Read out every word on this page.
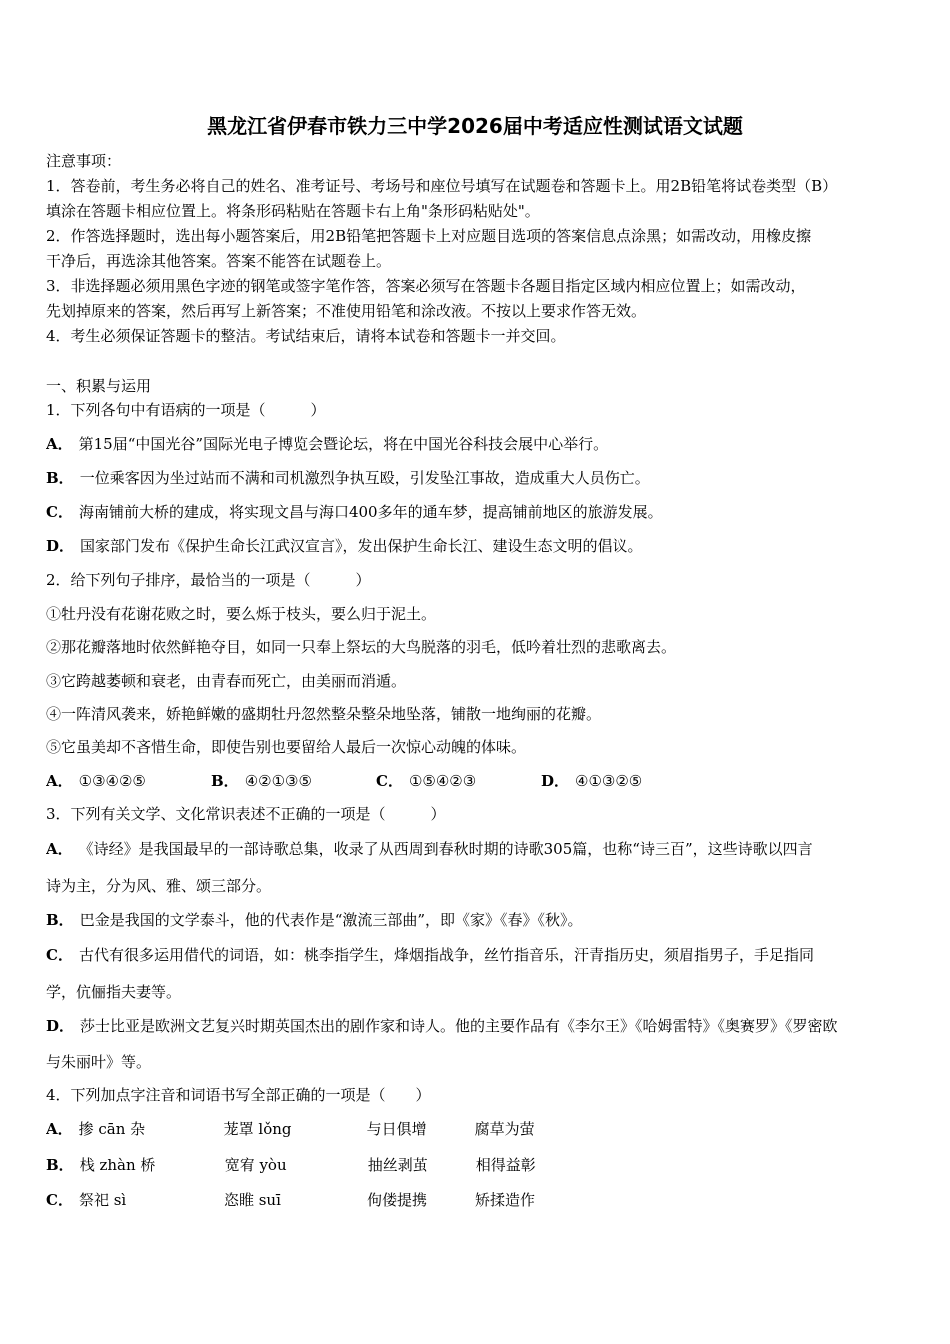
黑龙江省伊春市铁力三中学2026届中考适应性测试语文试题
注意事项：
1．答卷前，考生务必将自己的姓名、准考证号、考场号和座位号填写在试题卷和答题卡上。用2B铅笔将试卷类型（B）
填涂在答题卡相应位置上。将条形码粘贴在答题卡右上角"条形码粘贴处"。
2．作答选择题时，选出每小题答案后，用2B铅笔把答题卡上对应题目选项的答案信息点涂黑；如需改动，用橡皮擦
干净后，再选涂其他答案。答案不能答在试题卷上。
3．非选择题必须用黑色字迹的钢笔或签字笔作答，答案必须写在答题卡各题目指定区域内相应位置上；如需改动，
先划掉原来的答案，然后再写上新答案；不准使用铅笔和涂改液。不按以上要求作答无效。
4．考生必须保证答题卡的整洁。考试结束后，请将本试卷和答题卡一并交回。
一、积累与运用
1．下列各句中有语病的一项是（　　　）
A． 第15届“中国光谷”国际光电子博览会暨论坛，将在中国光谷科技会展中心举行。
B． 一位乘客因为坐过站而不满和司机激烈争执互殴，引发坠江事故，造成重大人员伤亡。
C． 海南铺前大桥的建成，将实现文昌与海口400多年的通车梦，提高铺前地区的旅游发展。
D． 国家部门发布《保护生命长江武汉宣言》，发出保护生命长江、建设生态文明的倡议。
2．给下列句子排序，最恰当的一项是（　　　）
①牡丹没有花谢花败之时，要么烁于枝头，要么归于泥土。
②那花瓣落地时依然鲜艳夺目，如同一只奉上祭坛的大鸟脱落的羽毛，低吟着壮烈的悲歌离去。
③它跨越萎顿和衰老，由青春而死亡，由美丽而消遁。
④一阵清风袭来，娇艳鲜嫩的盛期牡丹忽然整朵整朵地坠落，铺散一地绚丽的花瓣。
⑤它虽美却不吝惜生命，即使告别也要留给人最后一次惊心动魄的体味。
A． ①③④②⑤	B． ④②①③⑤	C． ①⑤④②③	D． ④①③②⑤
3．下列有关文学、文化常识表述不正确的一项是（　　　）
A． 《诗经》是我国最早的一部诗歌总集，收录了从西周到春秋时期的诗歌305篇，也称“诗三百”，这些诗歌以四言
诗为主，分为风、雅、颂三部分。
B． 巴金是我国的文学泰斗，他的代表作是“激流三部曲”，即《家》《春》《秋》。
C． 古代有很多运用借代的词语，如：桃李指学生，烽烟指战争，丝竹指音乐，汗青指历史，须眉指男子，手足指同
学，伉俪指夫妻等。
D． 莎士比亚是欧洲文艺复兴时期英国杰出的剧作家和诗人。他的主要作品有《李尔王》《哈姆雷特》《奥赛罗》《罗密欧
与朱丽叶》等。
4．下列加点字注音和词语书写全部正确的一项是（　　）
A． 掺 cān 杂	茏罩 lǒng	与日俱增	腐草为萤
B． 栈 zhàn 桥	宽宥 yòu	抽丝剥茧	相得益彰
C． 祭祀 sì	恣睢 suī	佝偻提携	矫揉造作
